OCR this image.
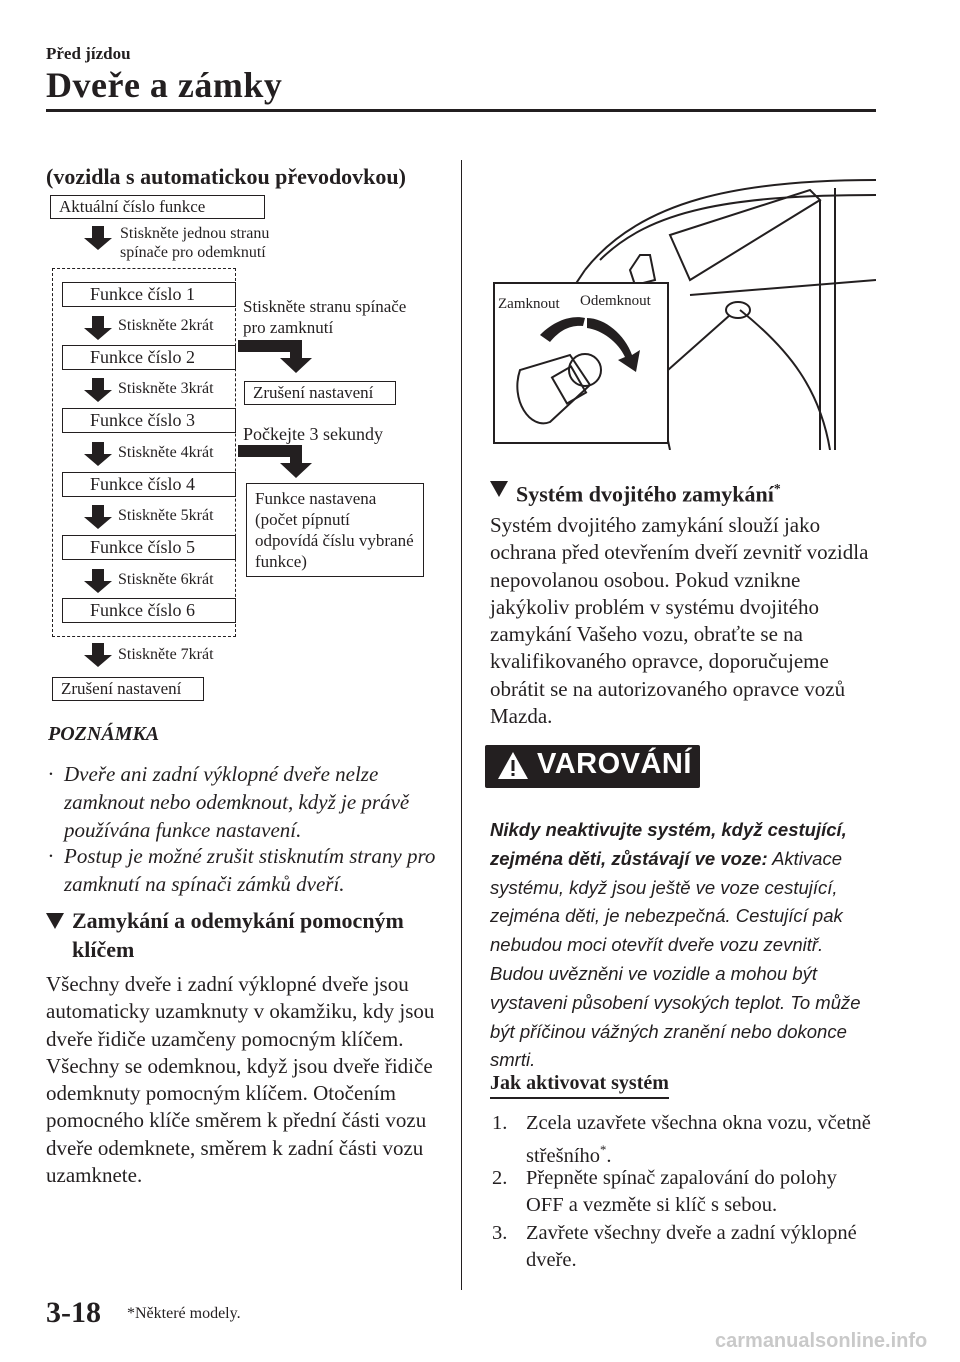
Před jízdou
Dveře a zámky
(vozidla s automatickou převodovkou)
Aktuální číslo funkce
Stiskněte jednou stranu spínače pro odemknutí
Funkce číslo 1
Stiskněte 2krát
Funkce číslo 2
Stiskněte 3krát
Funkce číslo 3
Stiskněte 4krát
Funkce číslo 4
Stiskněte 5krát
Funkce číslo 5
Stiskněte 6krát
Funkce číslo 6
Stiskněte 7krát
Zrušení nastavení
Stiskněte stranu spínače pro zamknutí
Zrušení nastavení
Počkejte 3 sekundy
Funkce nastavena (počet pípnutí odpovídá číslu vybrané funkce)
POZNÁMKA
· Dveře ani zadní výklopné dveře nelze zamknout nebo odemknout, když je právě používána funkce nastavení.
· Postup je možné zrušit stisknutím strany pro zamknutí na spínači zámků dveří.
Zamykání a odemykání pomocným klíčem
Všechny dveře i zadní výklopné dveře jsou automaticky uzamknuty v okamžiku, kdy jsou dveře řidiče uzamčeny pomocným klíčem. Všechny se odemknou, když jsou dveře řidiče odemknuty pomocným klíčem. Otočením pomocného klíče směrem k přední části vozu dveře odemknete, směrem k zadní části vozu uzamknete.
Zamknout Odemknout
Systém dvojitého zamykání*
Systém dvojitého zamykání slouží jako ochrana před otevřením dveří zevnitř vozidla nepovolanou osobou. Pokud vznikne jakýkoliv problém v systému dvojitého zamykání Vašeho vozu, obraťte se na kvalifikovaného opravce, doporučujeme obrátit se na autorizovaného opravce vozů Mazda.
VAROVÁNÍ
Nikdy neaktivujte systém, když cestující, zejména děti, zůstávají ve voze: Aktivace systému, když jsou ještě ve voze cestující, zejména děti, je nebezpečná. Cestující pak nebudou moci otevřít dveře vozu zevnitř. Budou uvězněni ve vozidle a mohou být vystaveni působení vysokých teplot. To může být příčinou vážných zranění nebo dokonce smrti.
Jak aktivovat systém
1. Zcela uzavřete všechna okna vozu, včetně střešního*.
2. Přepněte spínač zapalování do polohy OFF a vezměte si klíč s sebou.
3. Zavřete všechny dveře a zadní výklopné dveře.
3-18 *Některé modely.
carmanualsonline.info
